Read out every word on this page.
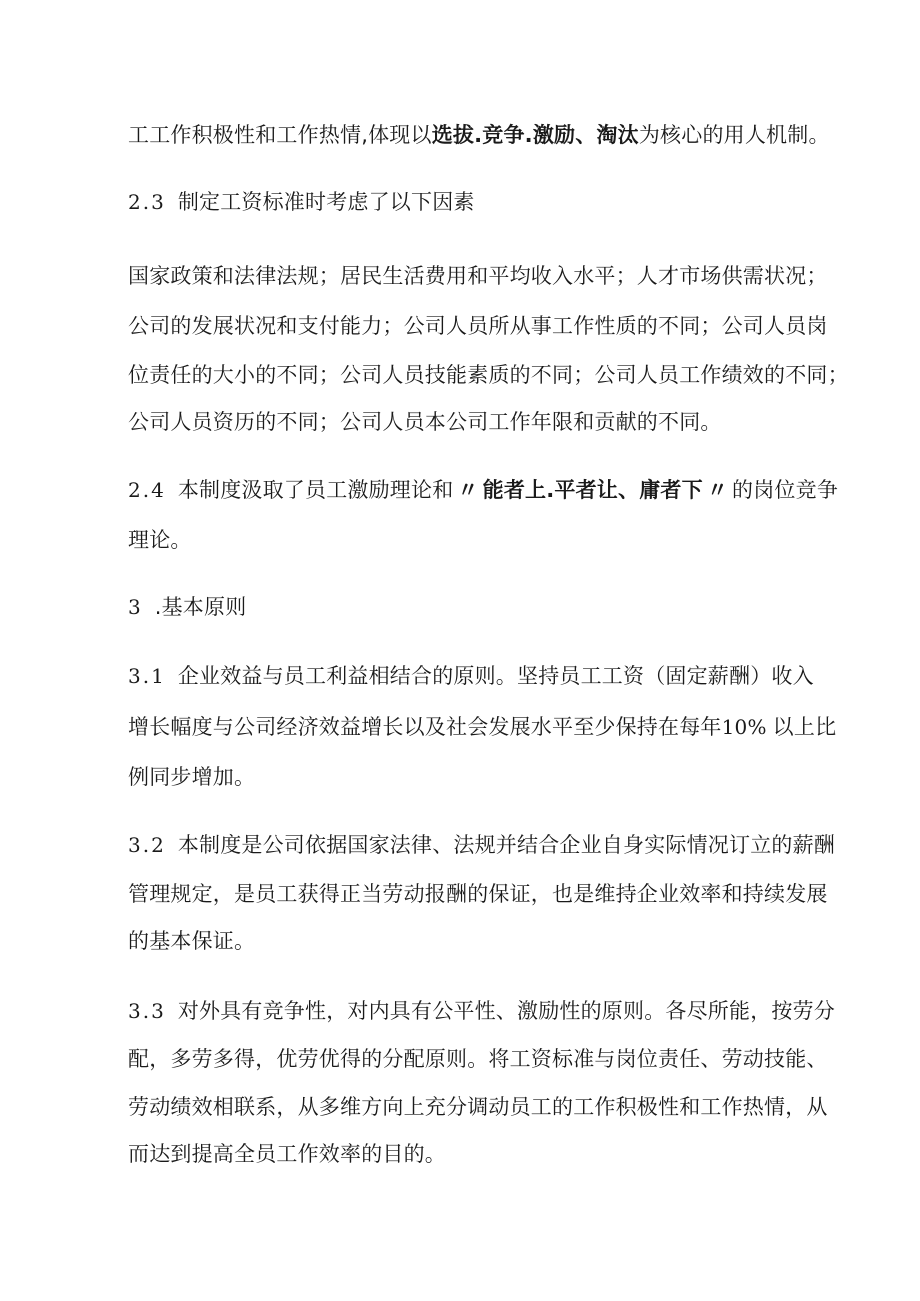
工工作积极性和工作热情,体现以选拔.竞争.激励、淘汰为核心的用人机制。
2.3 制定工资标准时考虑了以下因素
国家政策和法律法规；居民生活费用和平均收入水平；人才市场供需状况；
公司的发展状况和支付能力；公司人员所从事工作性质的不同；公司人员岗
位责任的大小的不同；公司人员技能素质的不同；公司人员工作绩效的不同；
公司人员资历的不同；公司人员本公司工作年限和贡献的不同。
2.4 本制度汲取了员工激励理论和 〃 能者上.平者让、庸者下 〃 的岗位竞争
理论。
3 .基本原则
3.1 企业效益与员工利益相结合的原则。坚持员工工资（固定薪酬）收入
增长幅度与公司经济效益增长以及社会发展水平至少保持在每年10% 以上比
例同步增加。
3.2 本制度是公司依据国家法律、法规并结合企业自身实际情况订立的薪酬
管理规定，是员工获得正当劳动报酬的保证，也是维持企业效率和持续发展
的基本保证。
3.3 对外具有竞争性，对内具有公平性、激励性的原则。各尽所能，按劳分
配，多劳多得，优劳优得的分配原则。将工资标准与岗位责任、劳动技能、
劳动绩效相联系，从多维方向上充分调动员工的工作积极性和工作热情，从
而达到提高全员工作效率的目的。
